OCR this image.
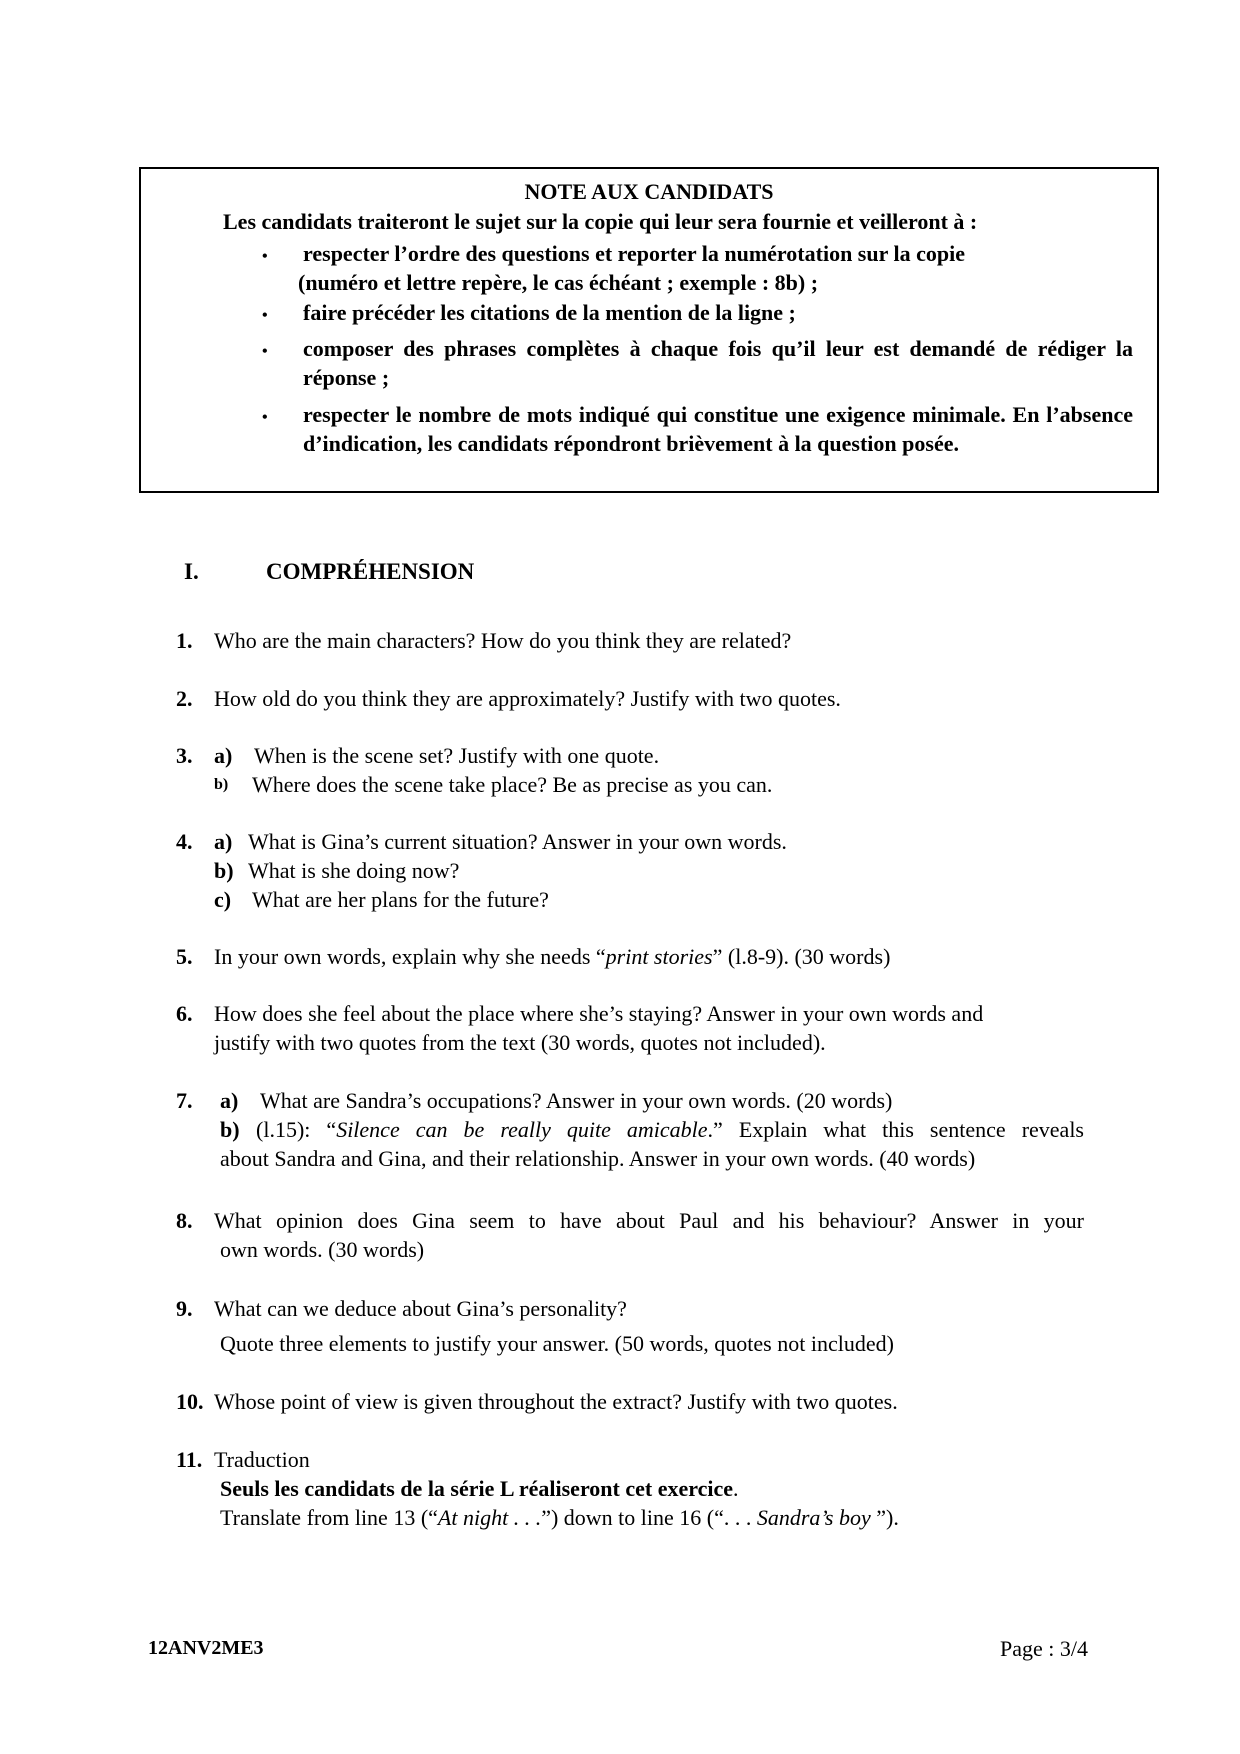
NOTE AUX CANDIDATS
Les candidats traiteront le sujet sur la copie qui leur sera fournie et veilleront à :
• respecter l’ordre des questions et reporter la numérotation sur la copie
(numéro et lettre repère, le cas échéant ; exemple : 8b) ;
• faire précéder les citations de la mention de la ligne ;
• composer des phrases complètes à chaque fois qu’il leur est demandé de rédiger la réponse ;
• respecter le nombre de mots indiqué qui constitue une exigence minimale. En l’absence d’indication, les candidats répondront brièvement à la question posée.
I.	COMPRÉHENSION
1. Who are the main characters? How do you think they are related?
2. How old do you think they are approximately? Justify with two quotes.
3. a) When is the scene set? Justify with one quote.
b) Where does the scene take place? Be as precise as you can.
4. a) What is Gina’s current situation? Answer in your own words.
b) What is she doing now?
c) What are her plans for the future?
5. In your own words, explain why she needs “print stories” (l.8-9). (30 words)
6. How does she feel about the place where she’s staying? Answer in your own words and
justify with two quotes from the text (30 words, quotes not included).
7. a) What are Sandra’s occupations? Answer in your own words. (20 words)
b) (l.15): “Silence can be really quite amicable.” Explain what this sentence reveals
about Sandra and Gina, and their relationship. Answer in your own words. (40 words)
8. What opinion does Gina seem to have about Paul and his behaviour? Answer in your
own words. (30 words)
9. What can we deduce about Gina’s personality?
Quote three elements to justify your answer. (50 words, quotes not included)
10. Whose point of view is given throughout the extract? Justify with two quotes.
11. Traduction
Seuls les candidats de la série L réaliseront cet exercice.
Translate from line 13 (“At night . . .”) down to line 16 (“. . . Sandra’s boy ”).
12ANV2ME3	Page : 3/4
